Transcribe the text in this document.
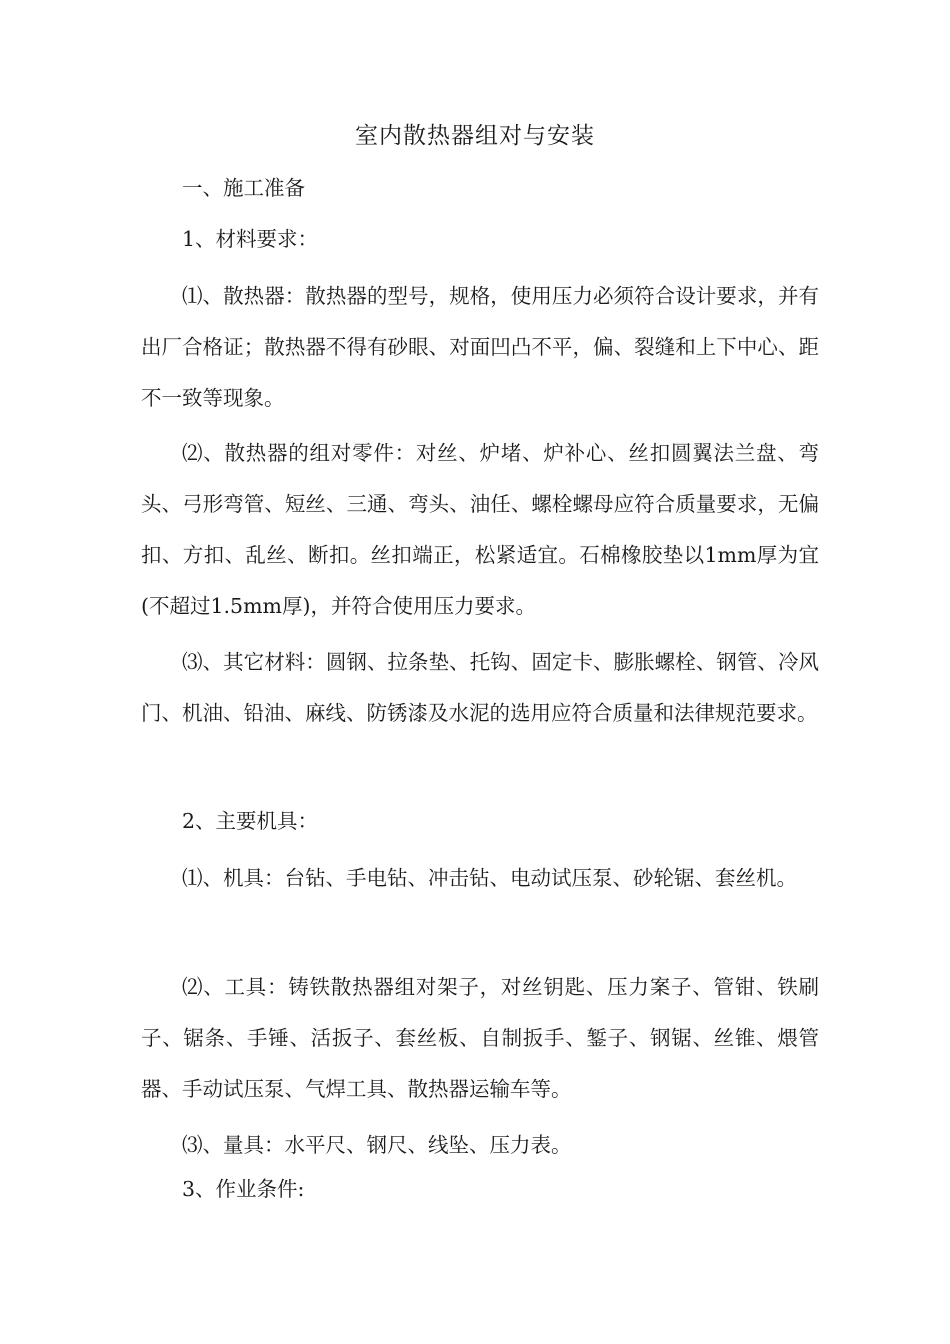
室内散热器组对与安装

一、施工准备

1、材料要求：

⑴、散热器：散热器的型号，规格，使用压力必须符合设计要求，并有出厂合格证；散热器不得有砂眼、对面凹凸不平，偏、裂缝和上下中心、距不一致等现象。

⑵、散热器的组对零件：对丝、炉堵、炉补心、丝扣圆翼法兰盘、弯头、弓形弯管、短丝、三通、弯头、油任、螺栓螺母应符合质量要求，无偏扣、方扣、乱丝、断扣。丝扣端正，松紧适宜。石棉橡胶垫以1mm厚为宜(不超过1.5mm厚)，并符合使用压力要求。

⑶、其它材料：圆钢、拉条垫、托钩、固定卡、膨胀螺栓、钢管、冷风门、机油、铅油、麻线、防锈漆及水泥的选用应符合质量和法律规范要求。

2、主要机具：

⑴、机具：台钻、手电钻、冲击钻、电动试压泵、砂轮锯、套丝机。

⑵、工具：铸铁散热器组对架子，对丝钥匙、压力案子、管钳、铁刷子、锯条、手锤、活扳子、套丝板、自制扳手、錾子、钢锯、丝锥、煨管器、手动试压泵、气焊工具、散热器运输车等。

⑶、量具：水平尺、钢尺、线坠、压力表。

3、作业条件:
